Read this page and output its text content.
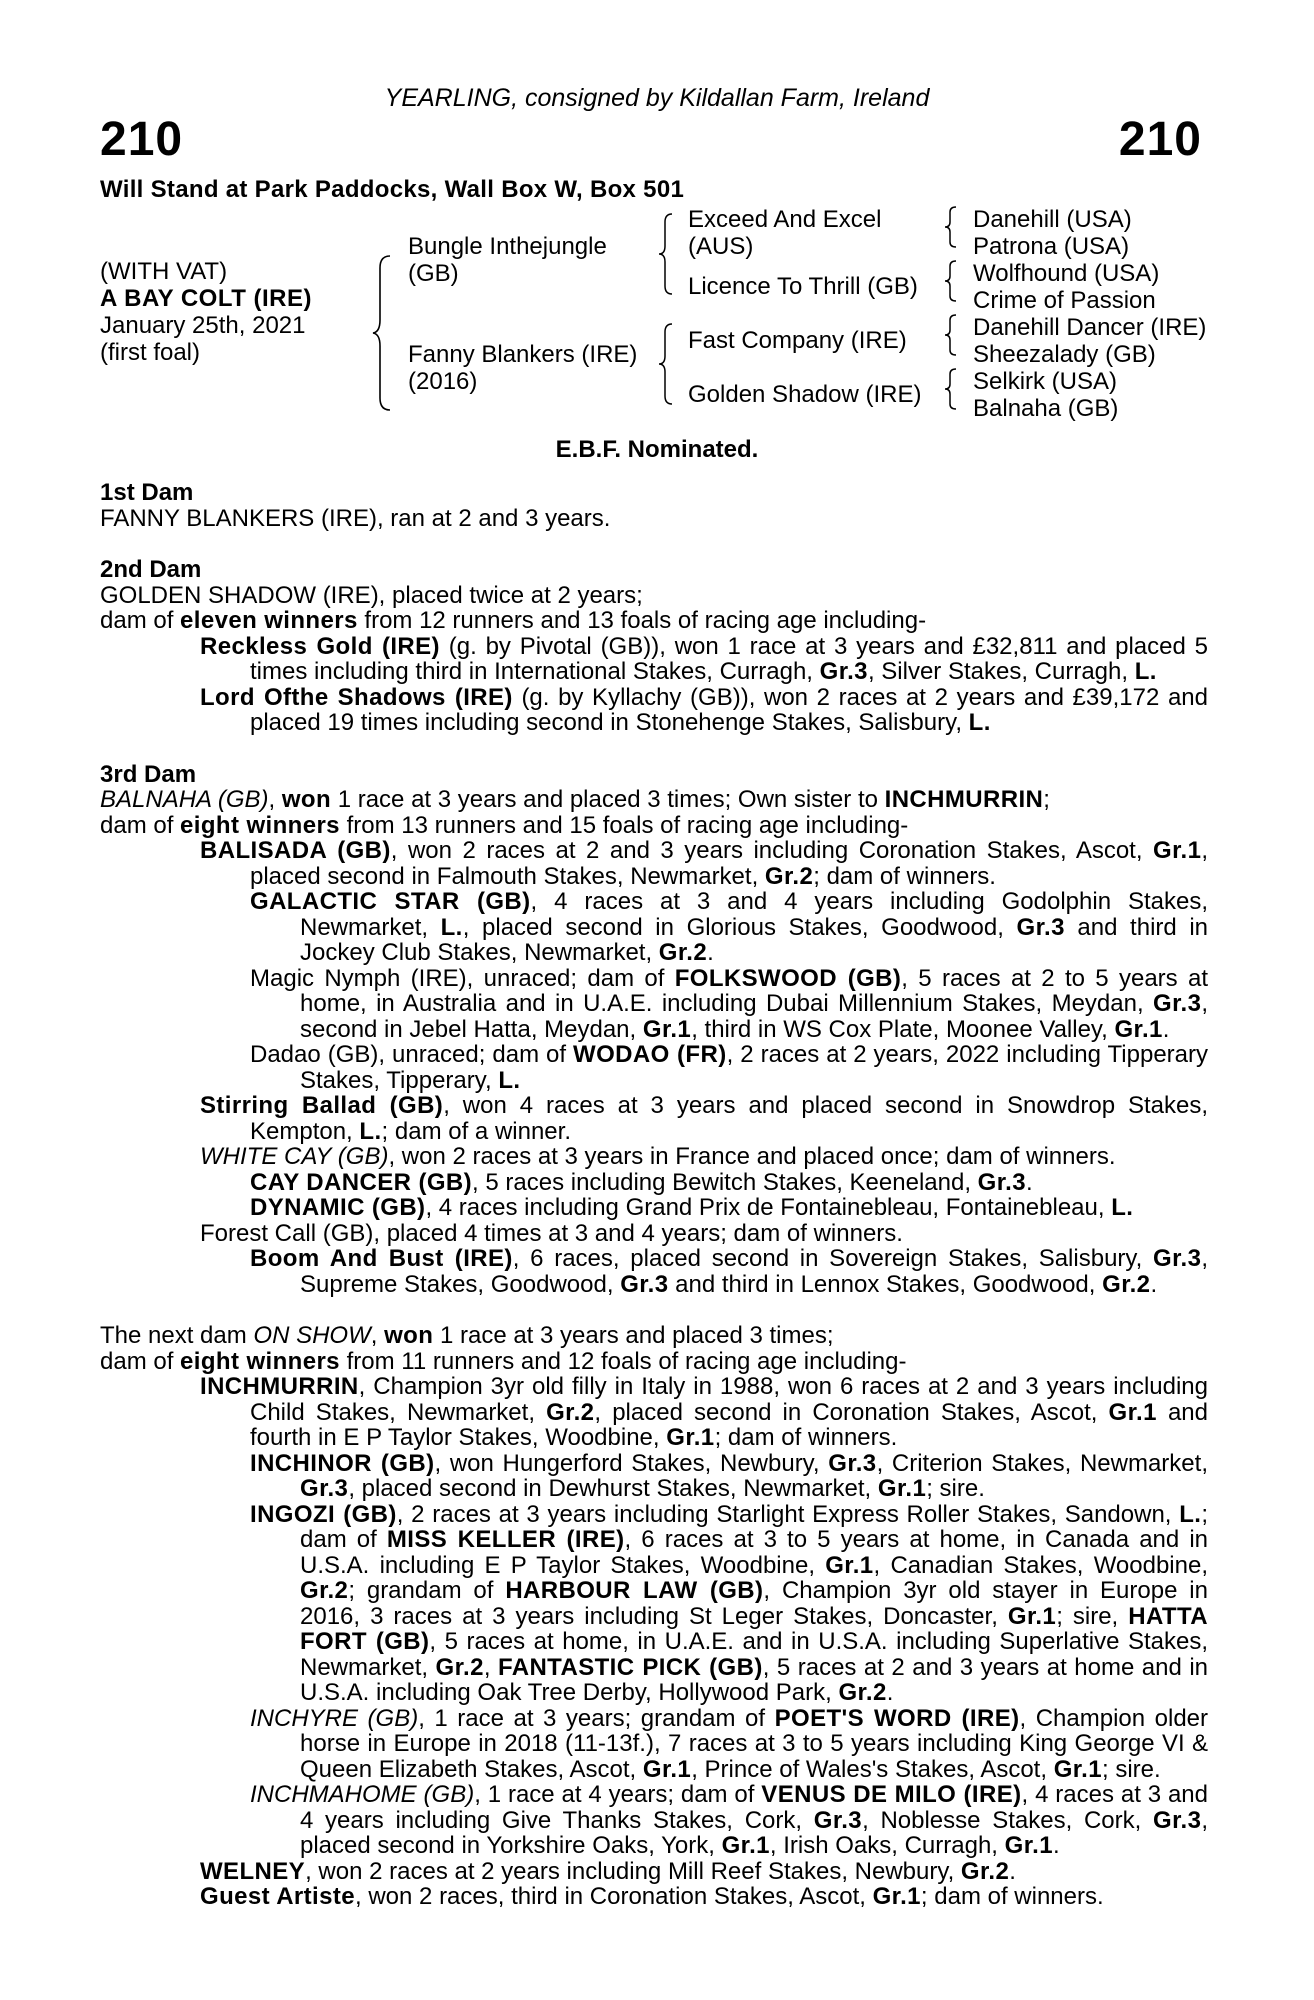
YEARLING, consigned by Kildallan Farm, Ireland
210	210
Will Stand at Park Paddocks, Wall Box W, Box 501
(WITH VAT)
A BAY COLT (IRE)
January 25th, 2021
(first foal)
Bungle Inthejungle
(GB)
Fanny Blankers (IRE)
(2016)
Exceed And Excel
(AUS)
Licence To Thrill (GB)
Fast Company (IRE)
Golden Shadow (IRE)
Danehill (USA)
Patrona (USA)
Wolfhound (USA)
Crime of Passion
Danehill Dancer (IRE)
Sheezalady (GB)
Selkirk (USA)
Balnaha (GB)
E.B.F. Nominated.

1st Dam

FANNY BLANKERS (IRE), ran at 2 and 3 years.

2nd Dam

GOLDEN SHADOW (IRE), placed twice at 2 years;
dam of eleven winners from 12 runners and 13 foals of racing age including-

Reckless Gold (IRE) (g. by Pivotal (GB)), won 1 race at 3 years and £32,811 and placed 5 times including third in International Stakes, Curragh, Gr.3, Silver Stakes, Curragh, L.

Lord Ofthe Shadows (IRE) (g. by Kyllachy (GB)), won 2 races at 2 years and £39,172 and placed 19 times including second in Stonehenge Stakes, Salisbury, L.

3rd Dam

BALNAHA (GB), won 1 race at 3 years and placed 3 times; Own sister to INCHMURRIN;
dam of eight winners from 13 runners and 15 foals of racing age including-

BALISADA (GB), won 2 races at 2 and 3 years including Coronation Stakes, Ascot, Gr.1, placed second in Falmouth Stakes, Newmarket, Gr.2; dam of winners.

GALACTIC STAR (GB), 4 races at 3 and 4 years including Godolphin Stakes, Newmarket, L., placed second in Glorious Stakes, Goodwood, Gr.3 and third in Jockey Club Stakes, Newmarket, Gr.2.

Magic Nymph (IRE), unraced; dam of FOLKSWOOD (GB), 5 races at 2 to 5 years at home, in Australia and in U.A.E. including Dubai Millennium Stakes, Meydan, Gr.3, second in Jebel Hatta, Meydan, Gr.1, third in WS Cox Plate, Moonee Valley, Gr.1.

Dadao (GB), unraced; dam of WODAO (FR), 2 races at 2 years, 2022 including Tipperary Stakes, Tipperary, L.

Stirring Ballad (GB), won 4 races at 3 years and placed second in Snowdrop Stakes, Kempton, L.; dam of a winner.

WHITE CAY (GB), won 2 races at 3 years in France and placed once; dam of winners.

CAY DANCER (GB), 5 races including Bewitch Stakes, Keeneland, Gr.3.

DYNAMIC (GB), 4 races including Grand Prix de Fontainebleau, Fontainebleau, L.

Forest Call (GB), placed 4 times at 3 and 4 years; dam of winners.

Boom And Bust (IRE), 6 races, placed second in Sovereign Stakes, Salisbury, Gr.3, Supreme Stakes, Goodwood, Gr.3 and third in Lennox Stakes, Goodwood, Gr.2.

The next dam ON SHOW, won 1 race at 3 years and placed 3 times;
dam of eight winners from 11 runners and 12 foals of racing age including-

INCHMURRIN, Champion 3yr old filly in Italy in 1988, won 6 races at 2 and 3 years including Child Stakes, Newmarket, Gr.2, placed second in Coronation Stakes, Ascot, Gr.1 and fourth in E P Taylor Stakes, Woodbine, Gr.1; dam of winners.

INCHINOR (GB), won Hungerford Stakes, Newbury, Gr.3, Criterion Stakes, Newmarket, Gr.3, placed second in Dewhurst Stakes, Newmarket, Gr.1; sire.

INGOZI (GB), 2 races at 3 years including Starlight Express Roller Stakes, Sandown, L.; dam of MISS KELLER (IRE), 6 races at 3 to 5 years at home, in Canada and in U.S.A. including E P Taylor Stakes, Woodbine, Gr.1, Canadian Stakes, Woodbine, Gr.2; grandam of HARBOUR LAW (GB), Champion 3yr old stayer in Europe in 2016, 3 races at 3 years including St Leger Stakes, Doncaster, Gr.1; sire, HATTA FORT (GB), 5 races at home, in U.A.E. and in U.S.A. including Superlative Stakes, Newmarket, Gr.2, FANTASTIC PICK (GB), 5 races at 2 and 3 years at home and in U.S.A. including Oak Tree Derby, Hollywood Park, Gr.2.

INCHYRE (GB), 1 race at 3 years; grandam of POET'S WORD (IRE), Champion older horse in Europe in 2018 (11-13f.), 7 races at 3 to 5 years including King George VI & Queen Elizabeth Stakes, Ascot, Gr.1, Prince of Wales's Stakes, Ascot, Gr.1; sire.

INCHMAHOME (GB), 1 race at 4 years; dam of VENUS DE MILO (IRE), 4 races at 3 and 4 years including Give Thanks Stakes, Cork, Gr.3, Noblesse Stakes, Cork, Gr.3, placed second in Yorkshire Oaks, York, Gr.1, Irish Oaks, Curragh, Gr.1.

WELNEY, won 2 races at 2 years including Mill Reef Stakes, Newbury, Gr.2.

Guest Artiste, won 2 races, third in Coronation Stakes, Ascot, Gr.1; dam of winners.
